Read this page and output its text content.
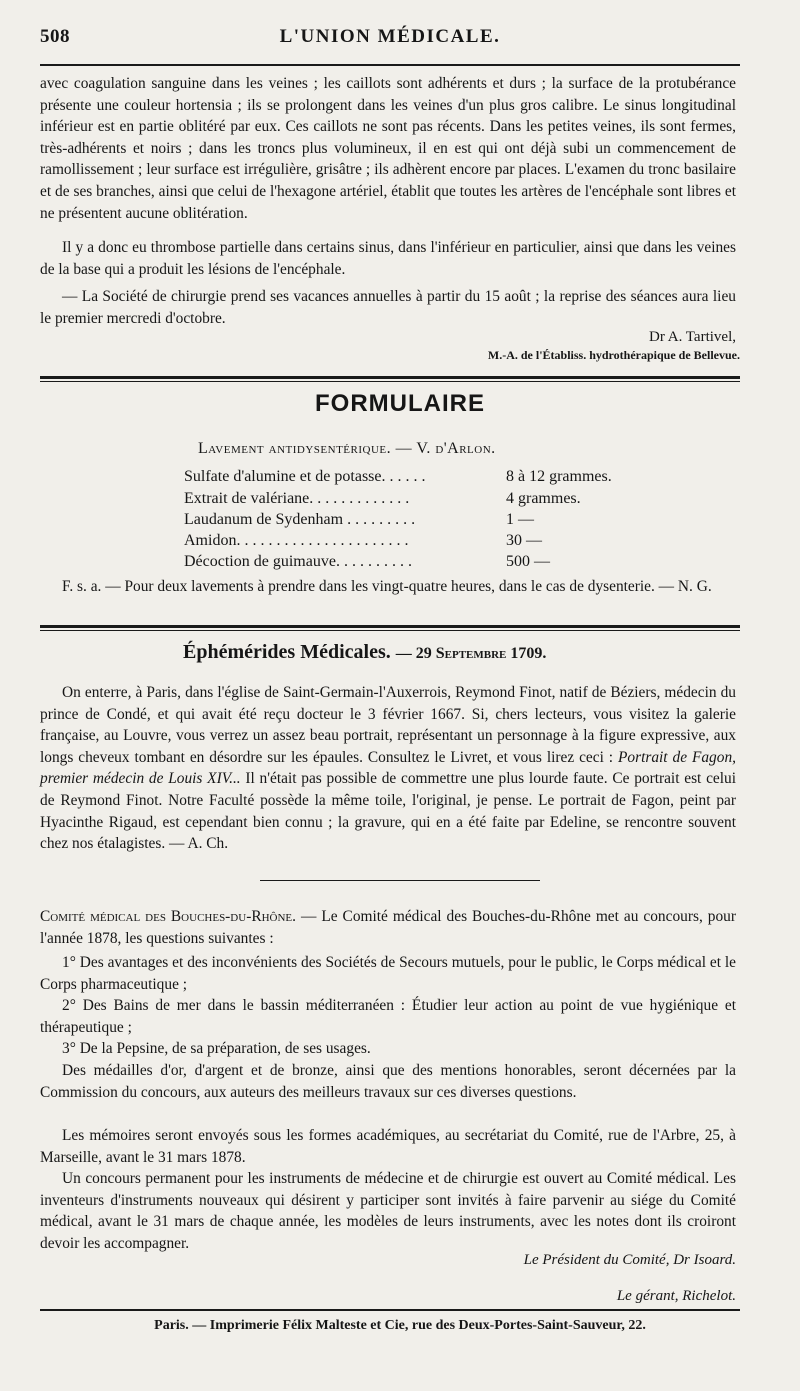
508	L'UNION MÉDICALE.
avec coagulation sanguine dans les veines ; les caillots sont adhérents et durs ; la surface de la protubérance présente une couleur hortensia ; ils se prolongent dans les veines d'un plus gros calibre. Le sinus longitudinal inférieur est en partie oblitéré par eux. Ces caillots ne sont pas récents. Dans les petites veines, ils sont fermes, très-adhérents et noirs ; dans les troncs plus volumineux, il en est qui ont déjà subi un commencement de ramollissement ; leur surface est irrégulière, grisâtre ; ils adhèrent encore par places. L'examen du tronc basilaire et de ses branches, ainsi que celui de l'hexagone artériel, établit que toutes les artères de l'encéphale sont libres et ne présentent aucune oblitération.
Il y a donc eu thrombose partielle dans certains sinus, dans l'inférieur en particulier, ainsi que dans les veines de la base qui a produit les lésions de l'encéphale.
— La Société de chirurgie prend ses vacances annuelles à partir du 15 août ; la reprise des séances aura lieu le premier mercredi d'octobre.
Dr A. Tartivel,
M.-A. de l'Établiss. hydrothérapique de Bellevue.
FORMULAIRE
Lavement antidysentérique. — V. d'Arlon.
Sulfate d'alumine et de potasse. . . . . .	8 à 12 grammes.
Extrait de valériane. . . . . . . . . . . . .	4 grammes.
Laudanum de Sydenham . . . . . . . . .	1 —
Amidon. . . . . . . . . . . . . . . . . . . . . .	30 —
Décoction de guimauve. . . . . . . . . .	500 —
F. s. a. — Pour deux lavements à prendre dans les vingt-quatre heures, dans le cas de dysenterie. — N. G.
Éphémérides Médicales. — 29 Septembre 1709.
On enterre, à Paris, dans l'église de Saint-Germain-l'Auxerrois, Reymond Finot, natif de Béziers, médecin du prince de Condé, et qui avait été reçu docteur le 3 février 1667. Si, chers lecteurs, vous visitez la galerie française, au Louvre, vous verrez un assez beau portrait, représentant un personnage à la figure expressive, aux longs cheveux tombant en désordre sur les épaules. Consultez le Livret, et vous lirez ceci : Portrait de Fagon, premier médecin de Louis XIV... Il n'était pas possible de commettre une plus lourde faute. Ce portrait est celui de Reymond Finot. Notre Faculté possède la même toile, l'original, je pense. Le portrait de Fagon, peint par Hyacinthe Rigaud, est cependant bien connu ; la gravure, qui en a été faite par Edeline, se rencontre souvent chez nos étalagistes. — A. Ch.
Comité médical des Bouches-du-Rhône. — Le Comité médical des Bouches-du-Rhône met au concours, pour l'année 1878, les questions suivantes :
1° Des avantages et des inconvénients des Sociétés de Secours mutuels, pour le public, le Corps médical et le Corps pharmaceutique ;
2° Des Bains de mer dans le bassin méditerranéen : Étudier leur action au point de vue hygiénique et thérapeutique ;
3° De la Pepsine, de sa préparation, de ses usages.
Des médailles d'or, d'argent et de bronze, ainsi que des mentions honorables, seront décernées par la Commission du concours, aux auteurs des meilleurs travaux sur ces diverses questions.
Les mémoires seront envoyés sous les formes académiques, au secrétariat du Comité, rue de l'Arbre, 25, à Marseille, avant le 31 mars 1878.
Un concours permanent pour les instruments de médecine et de chirurgie est ouvert au Comité médical. Les inventeurs d'instruments nouveaux qui désirent y participer sont invités à faire parvenir au siége du Comité médical, avant le 31 mars de chaque année, les modèles de leurs instruments, avec les notes dont ils croiront devoir les accompagner.
Le Président du Comité, Dr Isoard.
Le gérant, Richelot.
Paris. — Imprimerie Félix Malteste et Cie, rue des Deux-Portes-Saint-Sauveur, 22.
